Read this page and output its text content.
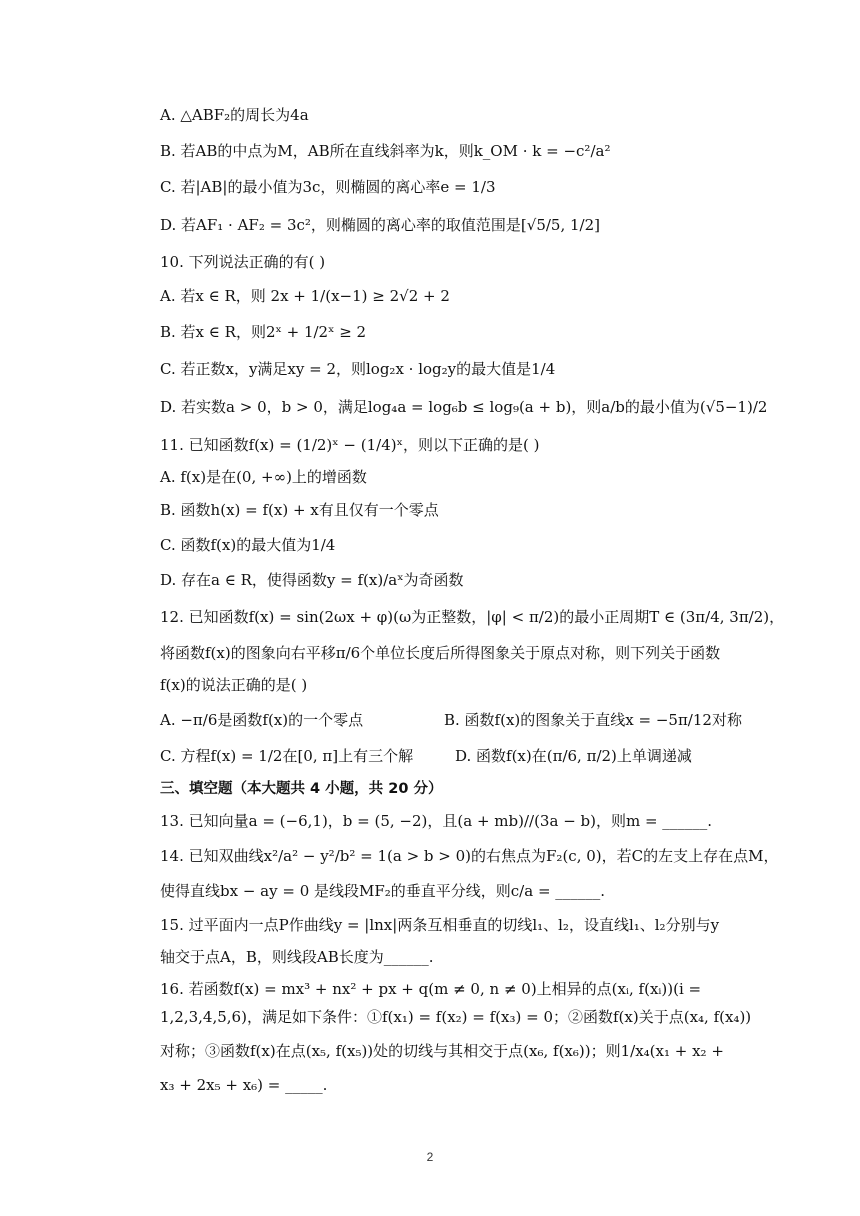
A. △ABF₂的周长为4a
B. 若AB的中点为M，AB所在直线斜率为k，则k_OM · k = −c²/a²
C. 若|AB|的最小值为3c，则椭圆的离心率e = 1/3
D. 若AF₁ · AF₂ = 3c²，则椭圆的离心率的取值范围是[√5/5, 1/2]
10. 下列说法正确的有( )
A. 若x ∈ R，则 2x + 1/(x−1) ≥ 2√2 + 2
B. 若x ∈ R，则2ˣ + 1/2ˣ ≥ 2
C. 若正数x，y满足xy = 2，则log₂x · log₂y的最大值是1/4
D. 若实数a > 0，b > 0，满足log₄a = log₆b ≤ log₉(a + b)，则a/b的最小值为(√5−1)/2
11. 已知函数f(x) = (1/2)ˣ − (1/4)ˣ，则以下正确的是( )
A. f(x)是在(0, +∞)上的增函数
B. 函数h(x) = f(x) + x有且仅有一个零点
C. 函数f(x)的最大值为1/4
D. 存在a ∈ R，使得函数y = f(x)/aˣ为奇函数
12. 已知函数f(x) = sin(2ωx + φ)(ω为正整数，|φ| < π/2)的最小正周期T ∈ (3π/4, 3π/2)，
将函数f(x)的图象向右平移π/6个单位长度后所得图象关于原点对称，则下列关于函数
f(x)的说法正确的是( )
A. −π/6是函数f(x)的一个零点	B. 函数f(x)的图象关于直线x = −5π/12对称
C. 方程f(x) = 1/2在[0, π]上有三个解	D. 函数f(x)在(π/6, π/2)上单调递减
三、填空题（本大题共 4 小题，共 20 分）
13. 已知向量a = (−6,1)，b = (5, −2)，且(a + mb)//(3a − b)，则m = ______.
14. 已知双曲线x²/a² − y²/b² = 1(a > b > 0)的右焦点为F₂(c, 0)，若C的左支上存在点M，
使得直线bx − ay = 0 是线段MF₂的垂直平分线，则c/a = ______.
15. 过平面内一点P作曲线y = |lnx|两条互相垂直的切线l₁、l₂，设直线l₁、l₂分别与y
轴交于点A，B，则线段AB长度为______.
16. 若函数f(x) = mx³ + nx² + px + q(m ≠ 0, n ≠ 0)上相异的点(xᵢ, f(xᵢ))(i =
1,2,3,4,5,6)，满足如下条件：①f(x₁) = f(x₂) = f(x₃) = 0；②函数f(x)关于点(x₄, f(x₄))
对称；③函数f(x)在点(x₅, f(x₅))处的切线与其相交于点(x₆, f(x₆))；则1/x₄(x₁ + x₂ +
x₃ + 2x₅ + x₆) = _____.
2
